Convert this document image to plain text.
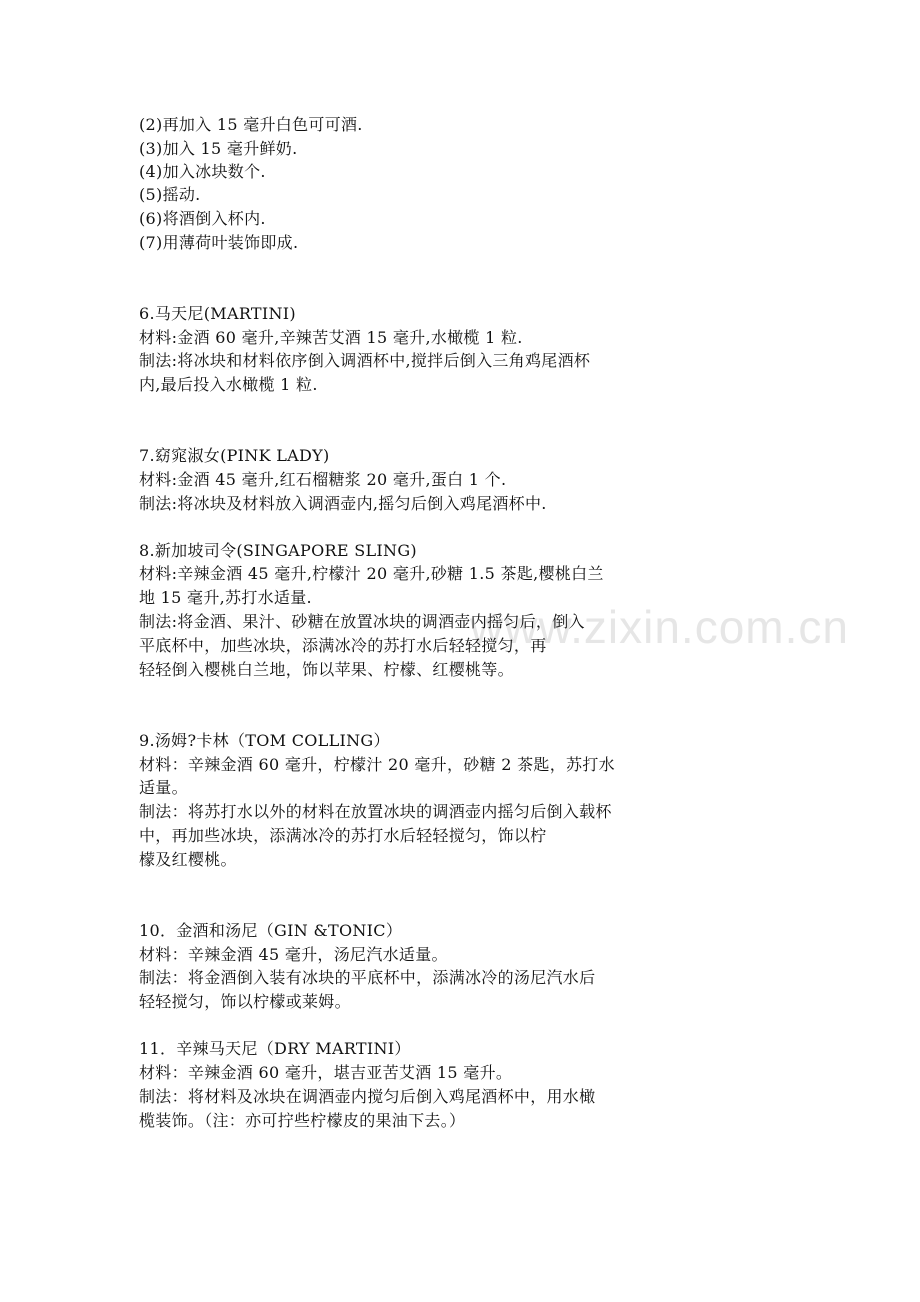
www.zixin.com.cn
(2)再加入 15 毫升白色可可酒.
(3)加入 15 毫升鲜奶.
(4)加入冰块数个.
(5)摇动.
(6)将酒倒入杯内.
(7)用薄荷叶装饰即成.
6.马天尼(MARTINI)
材料:金酒 60 毫升,辛辣苦艾酒 15 毫升,水橄榄 1 粒.
制法:将冰块和材料依序倒入调酒杯中,搅拌后倒入三角鸡尾酒杯
内,最后投入水橄榄 1 粒.
7.窈窕淑女(PINK LADY)
材料:金酒 45 毫升,红石榴糖浆 20 毫升,蛋白 1 个.
制法:将冰块及材料放入调酒壶内,摇匀后倒入鸡尾酒杯中.
8.新加坡司令(SINGAPORE SLING)
材料:辛辣金酒 45 毫升,柠檬汁 20 毫升,砂糖 1.5 茶匙,樱桃白兰
地 15 毫升,苏打水适量.
制法:将金酒、果汁、砂糖在放置冰块的调酒壶内摇匀后，倒入
平底杯中，加些冰块，添满冰冷的苏打水后轻轻搅匀，再
轻轻倒入樱桃白兰地，饰以苹果、柠檬、红樱桃等。
9.汤姆?卡林（TOM COLLING）
材料：辛辣金酒 60 毫升，柠檬汁 20 毫升，砂糖 2 茶匙，苏打水
适量。
制法：将苏打水以外的材料在放置冰块的调酒壶内摇匀后倒入载杯
中，再加些冰块，添满冰冷的苏打水后轻轻搅匀，饰以柠
檬及红樱桃。
10．金酒和汤尼（GIN &TONIC）
材料：辛辣金酒 45 毫升，汤尼汽水适量。
制法：将金酒倒入装有冰块的平底杯中，添满冰冷的汤尼汽水后
轻轻搅匀，饰以柠檬或莱姆。
11．辛辣马天尼（DRY MARTINI）
材料：辛辣金酒 60 毫升，堪吉亚苦艾酒 15 毫升。
制法：将材料及冰块在调酒壶内搅匀后倒入鸡尾酒杯中，用水橄
榄装饰。（注：亦可拧些柠檬皮的果油下去。）
